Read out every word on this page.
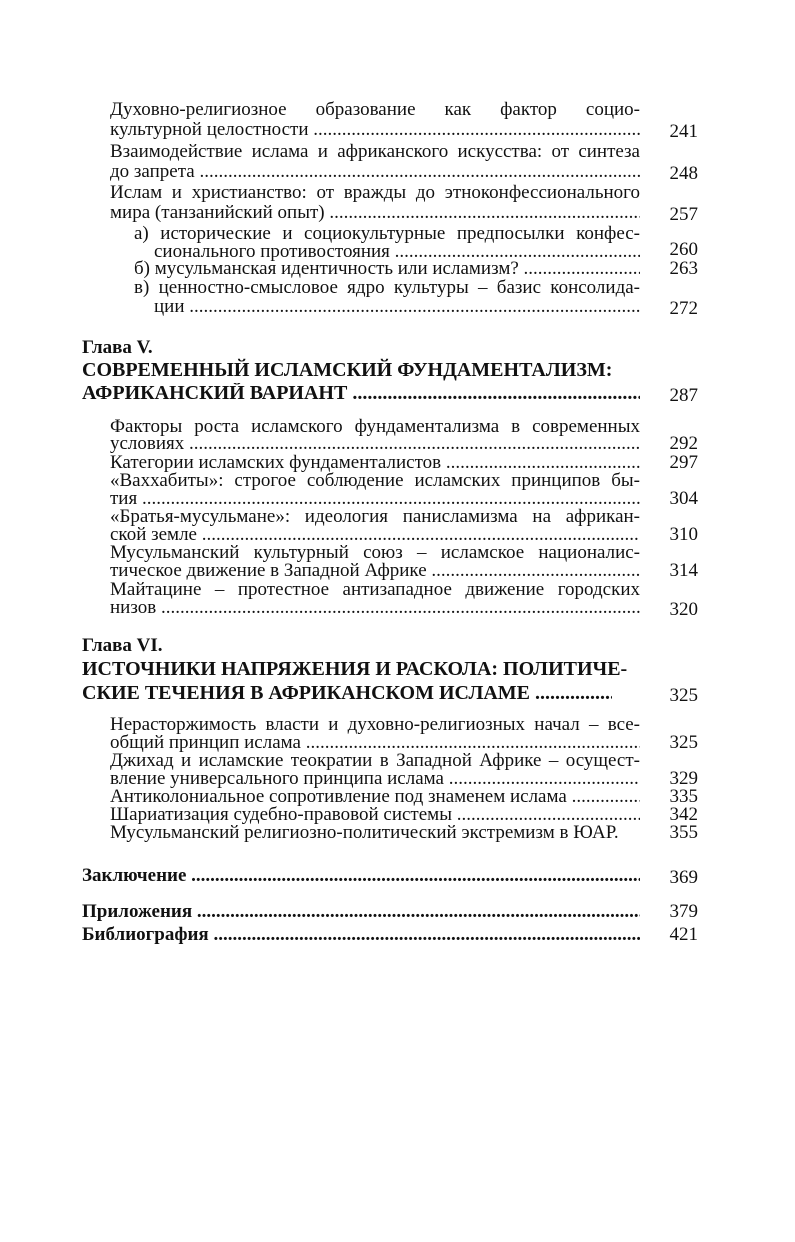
Духовно-религиозное образование как фактор социо-
культурной целостности .....	241
Взаимодействие ислама и африканского искусства: от синтеза
до запрета .....	248
Ислам и христианство: от вражды до этноконфессионального
мира (танзанийский опыт) .....	257
а) исторические и социокультурные предпосылки конфес-
сионального противостояния .....	260
б) мусульманская идентичность или исламизм? .....	263
в) ценностно-смысловое ядро культуры – базис консолида-
ции .....	272
Глава V.
СОВРЕМЕННЫЙ ИСЛАМСКИЙ ФУНДАМЕНТАЛИЗМ:
АФРИКАНСКИЙ ВАРИАНТ .....	287
Факторы роста исламского фундаментализма в современных
условиях .....	292
Категории исламских фундаменталистов .....	297
«Ваххабиты»: строгое соблюдение исламских принципов бы-
тия .....	304
«Братья-мусульмане»: идеология панисламизма на африкан-
ской земле .....	310
Мусульманский культурный союз – исламское националис-
тическое движение в Западной Африке .....	314
Майтацине – протестное антизападное движение городских
низов .....	320
Глава VI.
ИСТОЧНИКИ НАПРЯЖЕНИЯ И РАСКОЛА: ПОЛИТИЧЕ-
СКИЕ ТЕЧЕНИЯ В АФРИКАНСКОМ ИСЛАМЕ .....	325
Нерасторжимость власти и духовно-религиозных начал – все-
общий принцип ислама .....	325
Джихад и исламские теократии в Западной Африке – осущест-
вление универсального принципа ислама .....	329
Антиколониальное сопротивление под знаменем ислама .....	335
Шариатизация судебно-правовой системы .....	342
Мусульманский религиозно-политический экстремизм в ЮАР.	355
Заключение .....	369
Приложения .....	379
Библиография .....	421
